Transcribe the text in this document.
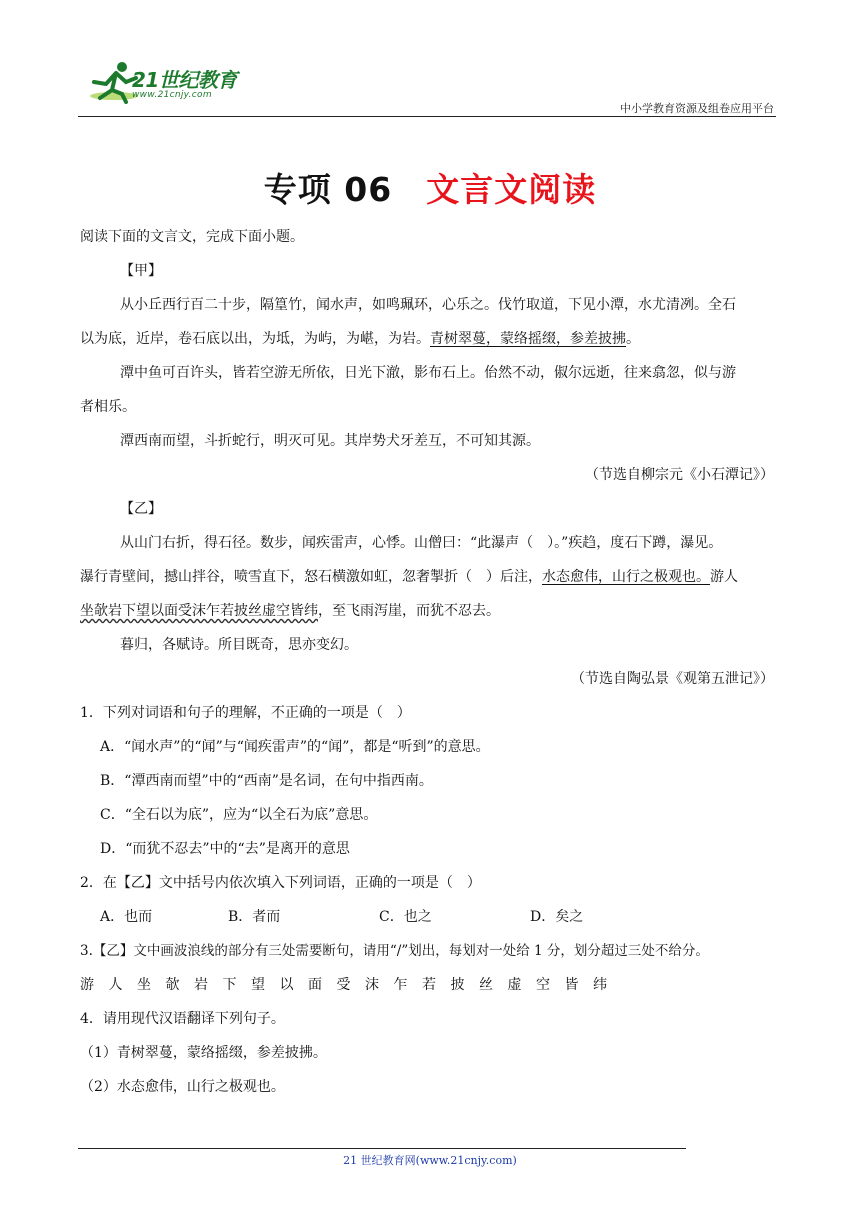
21世纪教育
www.21cnjy.com
中小学教育资源及组卷应用平台
专项 06 文言文阅读
阅读下面的文言文，完成下面小题。
【甲】
从小丘西行百二十步，隔篁竹，闻水声，如鸣珮环，心乐之。伐竹取道，下见小潭，水尤清冽。全石
以为底，近岸，卷石底以出，为坻，为屿，为嵁，为岩。青树翠蔓，蒙络摇缀，参差披拂。
潭中鱼可百许头，皆若空游无所依，日光下澈，影布石上。佁然不动，俶尔远逝，往来翕忽，似与游
者相乐。
潭西南而望，斗折蛇行，明灭可见。其岸势犬牙差互，不可知其源。
（节选自柳宗元《小石潭记》）
【乙】
从山门右折，得石径。数步，闻疾雷声，心悸。山僧曰：“此瀑声（　）。”疾趋，度石下蹲，瀑见。
瀑行青壁间，撼山拌谷，喷雪直下，怒石横激如虹，忽奢掣折（　）后注，水态愈伟，山行之极观也。游人
坐欹岩下望以面受沫乍若披丝虚空皆纬，至飞雨泻崖，而犹不忍去。
暮归，各赋诗。所目既奇，思亦变幻。
（节选自陶弘景《观第五泄记》）
1．下列对词语和句子的理解，不正确的一项是（　）
A．“闻水声”的“闻”与“闻疾雷声”的“闻”，都是“听到”的意思。
B．“潭西南而望”中的“西南”是名词，在句中指西南。
C．“全石以为底”，应为“以全石为底”意思。
D．“而犹不忍去”中的“去”是离开的意思
2．在【乙】文中括号内依次填入下列词语，正确的一项是（　）
A．也而	B．者而	C．也之	D．矣之
3.【乙】文中画波浪线的部分有三处需要断句，请用“/”划出，每划对一处给 1 分，划分超过三处不给分。
游人坐欹岩下望以面受沫乍若披丝虚空皆纬
4．请用现代汉语翻译下列句子。
（1）青树翠蔓，蒙络摇缀，参差披拂。
（2）水态愈伟，山行之极观也。
21 世纪教育网(www.21cnjy.com)
